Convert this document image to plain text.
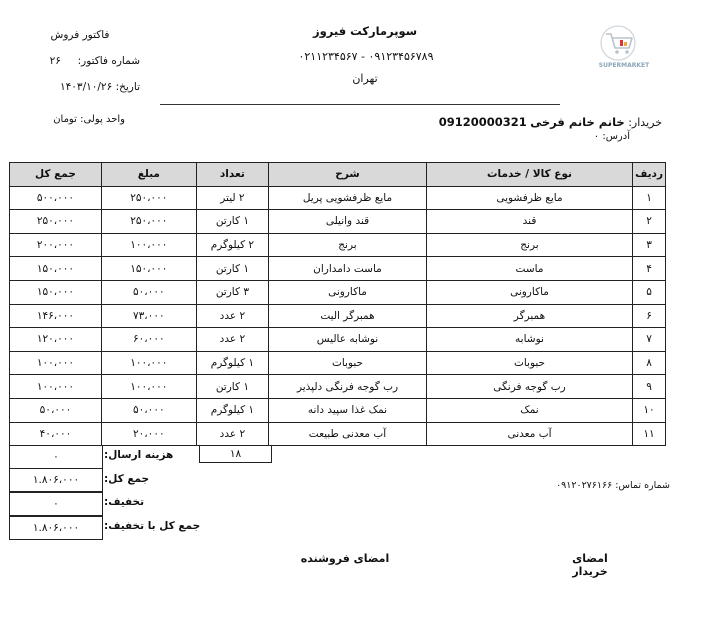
سوپرمارکت فیروز
۰۲۱۱۲۳۴۵۶۷ - ۰۹۱۲۳۴۵۶۷۸۹
تهران
فاکتور فروش
شماره فاکتور:     ۲۶
تاریخ: ۱۴۰۳/۱۰/۲۶
SUPERMARKET
خریدار: خانم خانم فرخی 09120000321
آدرس: ۰
واحد پولی: تومان
ردیف	نوع کالا / خدمات	شرح	تعداد	مبلغ	جمع کل
۱	مایع ظرفشویی	مایع ظرفشویی پریل	۲ لیتر	۲۵۰،۰۰۰	۵۰۰،۰۰۰
۲	قند	قند وانیلی	۱ کارتن	۲۵۰،۰۰۰	۲۵۰،۰۰۰
۳	برنج	برنج	۲ کیلوگرم	۱۰۰،۰۰۰	۲۰۰،۰۰۰
۴	ماست	ماست دامداران	۱ کارتن	۱۵۰،۰۰۰	۱۵۰،۰۰۰
۵	ماکارونی	ماکارونی	۳ کارتن	۵۰،۰۰۰	۱۵۰،۰۰۰
۶	همبرگر	همبرگر الیت	۲ عدد	۷۳،۰۰۰	۱۴۶،۰۰۰
۷	نوشابه	نوشابه عالیس	۲ عدد	۶۰،۰۰۰	۱۲۰،۰۰۰
۸	حبوبات	حبوبات	۱ کیلوگرم	۱۰۰،۰۰۰	۱۰۰،۰۰۰
۹	رب گوجه فرنگی	رب گوجه فرنگی دلپذیر	۱ کارتن	۱۰۰،۰۰۰	۱۰۰،۰۰۰
۱۰	نمک	نمک غذا سپید دانه	۱ کیلوگرم	۵۰،۰۰۰	۵۰،۰۰۰
۱۱	آب معدنی	آب معدنی طبیعت	۲ عدد	۲۰،۰۰۰	۴۰،۰۰۰
۱۸
۰	هزینه ارسال:
۱.۸۰۶،۰۰۰	جمع کل:
۰	تخفیف:
۱.۸۰۶،۰۰۰	جمع کل با تخفیف:
شماره تماس: ۰۹۱۲۰۲۷۶۱۶۶
امضای فروشنده	امضای خریدار
